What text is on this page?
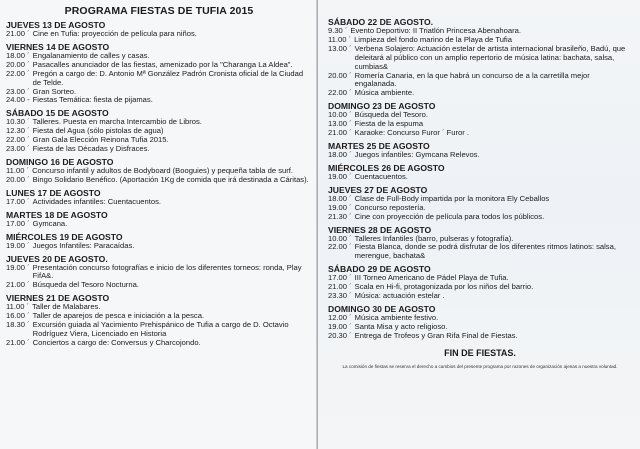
PROGRAMA FIESTAS DE TUFIA 2015
JUEVES 13 DE AGOSTO
21.00 ´ Cine en Tufia: proyección de película para niños.
VIERNES 14 DE AGOSTO
18.00 ´ Engalanamiento de calles y casas.
20.00 ´ Pasacalles anunciador de las fiestas, amenizado por la "Charanga La Aldea".
22.00 ´ Pregón a cargo de: D. Antonio Mª González Padrón Cronista oficial de la Ciudad de Telde.
23.00 ´ Gran Sorteo.
24.00 - Fiestas Temática: fiesta de pijamas.
SÁBADO 15 DE AGOSTO
10.30 ´ Talleres. Puesta en marcha Intercambio de Libros.
12.30 ´ Fiesta del Agua (sólo pistolas de agua)
22.00 ´ Gran Gala Elección Reinona Tufia 2015.
23.00 ´ Fiesta de las Décadas y Disfraces.
DOMINGO 16 DE AGOSTO
11.00 ´ Concurso infantil y adultos de Bodyboard (Booguies) y pequeña tabla de surf.
20.00 ´ Bingo Solidario Benéfico. (Aportación 1Kg de comida que irá destinada a Cáritas).
LUNES 17 DE AGOSTO
17.00 ´ Actividades infantiles: Cuentacuentos.
MARTES 18 DE AGOSTO
17.00 ´ Gymcana.
MIÉRCOLES 19 DE AGOSTO
19.00 ´ Juegos Infantiles: Paracaídas.
JUEVES 20 DE AGOSTO.
19.00 ´ Presentación concurso fotografías e inicio de los diferentes torneos: ronda, Play FifA&.
21.00 ´ Búsqueda del Tesoro Nocturna.
VIERNES 21 DE AGOSTO
11.00 ´ Taller de Malabares.
16.00 ´ Taller de aparejos de pesca e iniciación a la pesca.
18.30 ´ Excursión guiada al Yacimiento Prehispánico de Tufia a cargo de D. Octavio Rodríguez Viera, Licenciado en Historia
21.00 ´ Conciertos a cargo de: Conversus y Charcojondo.
SÁBADO 22 DE AGOSTO.
9.30 ´ Evento Deportivo: II Triatlón Princesa Abenahoara.
11.00 ´ Limpieza del fondo marino de la Playa de Tufia
13.00 ´ Verbena Solajero: Actuación estelar de artista internacional brasileño, Badú, que deleitará al público con un amplio repertorio de música latina: bachata, salsa, cumbias&
20.00 ´ Romería Canaria, en la que habrá un concurso de a la carretilla mejor engalanada.
22.00 ´ Música ambiente.
DOMINGO 23 DE AGOSTO
10.00 ´ Búsqueda del Tesoro.
13.00 ´ Fiesta de la espuma
21.00 ´ Karaoke: Concurso Furor ´ Furor .
MARTES 25 DE AGOSTO
18.00 ´ Juegos infantiles: Gymcana Relevos.
MIÉRCOLES 26 DE AGOSTO
19.00 ´ Cuentacuentos.
JUEVES 27 DE AGOSTO
18.00 ´ Clase de Full-Body impartida por la monitora Ely Ceballos
19.00 ´ Concurso repostería.
21.30 ´ Cine con proyección de película para todos los públicos.
VIERNES 28 DE AGOSTO
10.00 ´ Talleres Infantiles (barro, pulseras y fotografía).
22.00 ´ Fiesta Blanca, donde se podrá disfrutar de los diferentes ritmos latinos: salsa, merengue, bachata&
SÁBADO 29 DE AGOSTO
17.00 ´ III Torneo Americano de Pádel Playa de Tufia.
21.00 ´ Scala en Hi-fi, protagonizada por los niños del barrio.
23.30 ´ Música: actuación estelar .
DOMINGO 30 DE AGOSTO
12.00 ´ Música ambiente festivo.
19.00 ´ Santa Misa y acto religioso.
20.30 ´ Entrega de Trofeos y Gran Rifa Final de Fiestas.
FIN DE FIESTAS.
La comisión de fiestas se reserva el derecho a cambios del presente programa por razones de organización ajenas a nuestra voluntad.
